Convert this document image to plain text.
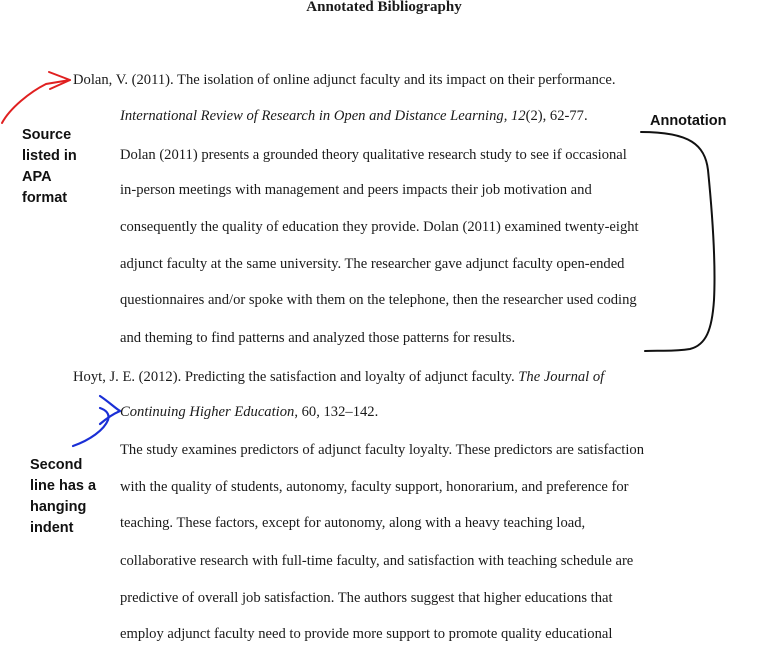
Annotated Bibliography
Dolan, V. (2011). The isolation of online adjunct faculty and its impact on their performance.
International Review of Research in Open and Distance Learning, 12(2), 62-77.
Dolan (2011) presents a grounded theory qualitative research study to see if occasional
in-person meetings with management and peers impacts their job motivation and
consequently the quality of education they provide. Dolan (2011) examined twenty-eight
adjunct faculty at the same university. The researcher gave adjunct faculty open-ended
questionnaires and/or spoke with them on the telephone, then the researcher used coding
and theming to find patterns and analyzed those patterns for results.
Hoyt, J. E. (2012). Predicting the satisfaction and loyalty of adjunct faculty. The Journal of
Continuing Higher Education, 60, 132–142.
The study examines predictors of adjunct faculty loyalty. These predictors are satisfaction
with the quality of students, autonomy, faculty support, honorarium, and preference for
teaching. These factors, except for autonomy, along with a heavy teaching load,
collaborative research with full-time faculty, and satisfaction with teaching schedule are
predictive of overall job satisfaction. The authors suggest that higher educations that
employ adjunct faculty need to provide more support to promote quality educational
Source
listed in
APA
format
Annotation
Second
line has a
hanging
indent
